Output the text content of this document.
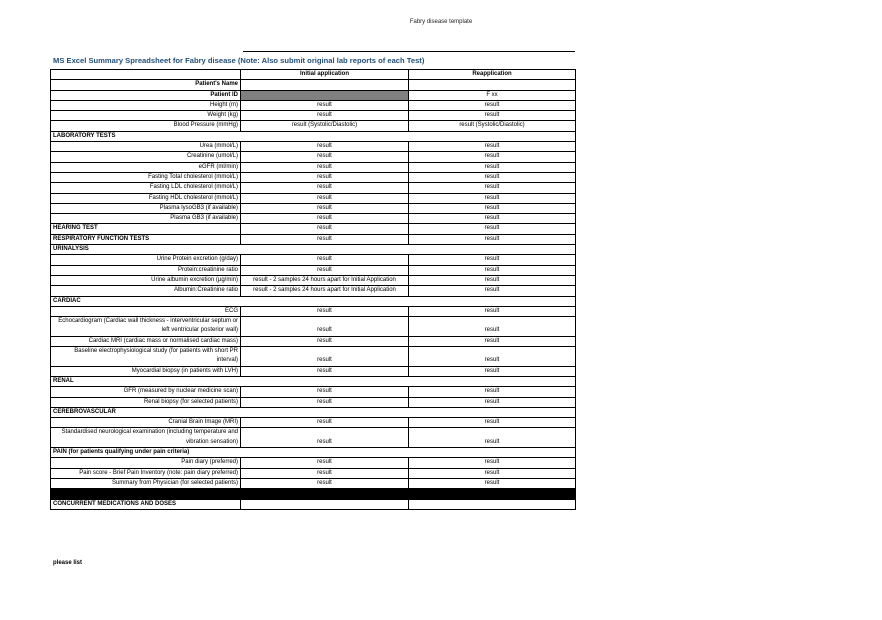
Fabry disease template
MS Excel Summary Spreadsheet for Fabry disease (Note: Also submit original lab reports of each Test)
	Initial application	Reapplication
Patient's Name		
Patient ID		F xx
Height (m)	result	result
Weight (kg)	result	result
Blood Pressure (mmHg)	result (Systolic/Diastolic)	result (Systolic/Diastolic)
LABORATORY TESTS		
Urea (mmol/L)	result	result
Creatinine (umol/L)	result	result
eGFR (ml/min)	result	result
Fasting Total cholesterol (mmol/L)	result	result
Fasting LDL cholesterol (mmol/L)	result	result
Fasting HDL cholesterol (mmol/L)	result	result
Plasma lysoGB3 (if available)	result	result
Plasma GB3 (if available)	result	result
HEARING TEST	result	result
RESPIRATORY FUNCTION TESTS	result	result
URINALYSIS		
Urine Protein excretion (g/day)	result	result
Protein:creatinine ratio	result	result
Urine albumin excretion (µg/min)	result - 2 samples 24 hours apart for Initial Application	result
Albumin:Creatinine ratio	result - 2 samples 24 hours apart for Initial Application	result
CARDIAC		
ECG	result	result
Echocardiogram (Cardiac wall thickness - interventricular septum or left ventricular posterior wall)	result	result
Cardiac MRI (cardiac mass or normalised cardiac mass)	result	result
Baseline electrophysiological study (for patients with short PR interval)	result	result
Myocardial biopsy (in patients with LVH)	result	result
RENAL		
GFR (measured by nuclear medicine scan)	result	result
Renal biopsy (for selected patients)	result	result
CEREBROVASCULAR		
Cranial Brain Image (MRI)	result	result
Standardised neurological examination (including temperature and vibration sensation)	result	result
PAIN (for patients qualifying under pain criteria)		
Pain diary (preferred)	result	result
Pain score - Brief Pain Inventory (note: pain diary preferred)	result	result
Summary from Physician (for selected patients)	result	result

CONCURRENT MEDICATIONS AND DOSES		
please list
